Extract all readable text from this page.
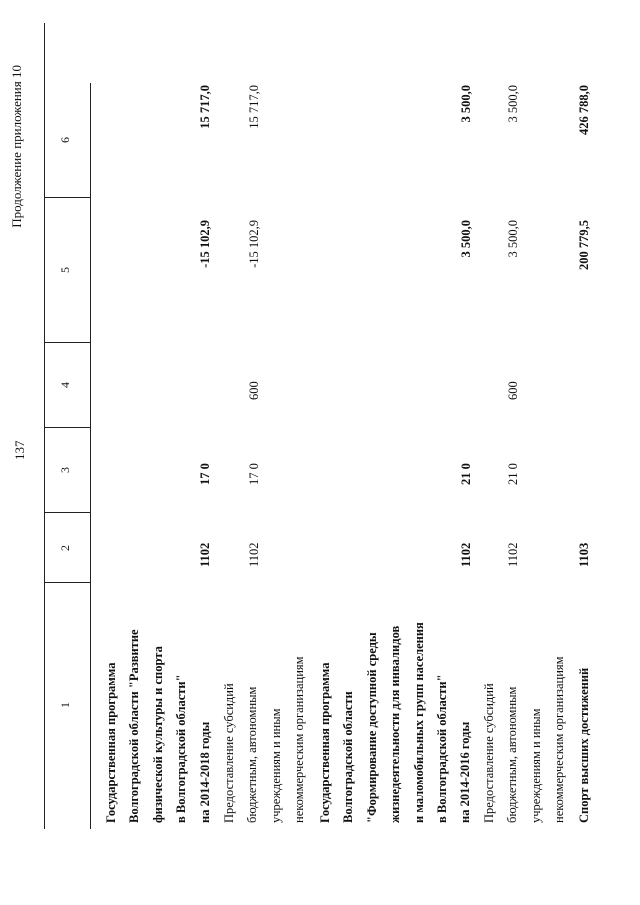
137
Продолжение приложения 10
1
2
3
4
5
6
Государственная программа Волгоградской области "Развитие физической культуры и спорта в Волгоградской области" на 2014-2018 годы
1102
17 0
-15 102,9
15 717,0
Предоставление субсидий бюджетным, автономным учреждениям и иным некоммерческим организациям
1102
17 0
600
-15 102,9
15 717,0
Государственная программа Волгоградской области "Формирование доступной среды жизнедеятельности для инвалидов и маломобильных групп населения в Волгоградской области" на 2014-2016 годы
1102
21 0
3 500,0
3 500,0
Предоставление субсидий бюджетным, автономным учреждениям и иным некоммерческим организациям
1102
21 0
600
3 500,0
3 500,0
Спорт высших достижений
1103
200 779,5
426 788,0
